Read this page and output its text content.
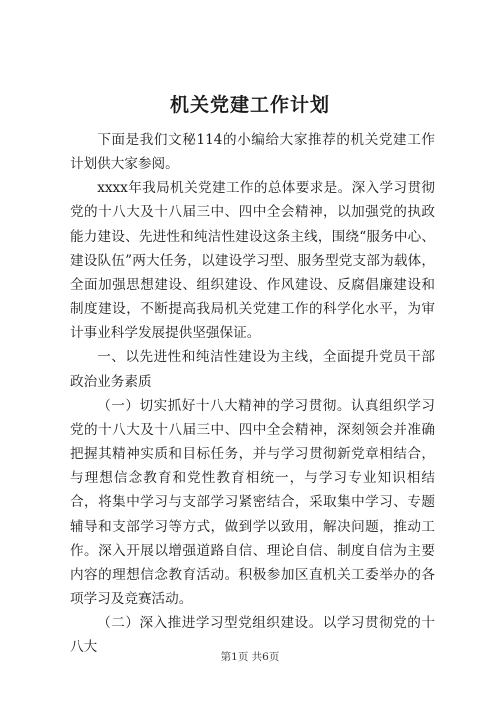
机关党建工作计划

下面是我们文秘114的小编给大家推荐的机关党建工作计划供大家参阅。

xxxx年我局机关党建工作的总体要求是。深入学习贯彻党的十八大及十八届三中、四中全会精神，以加强党的执政能力建设、先进性和纯洁性建设这条主线，围绕“服务中心、建设队伍”两大任务，以建设学习型、服务型党支部为载体，全面加强思想建设、组织建设、作风建设、反腐倡廉建设和制度建设，不断提高我局机关党建工作的科学化水平，为审计事业科学发展提供坚强保证。

一、以先进性和纯洁性建设为主线，全面提升党员干部政治业务素质

（一）切实抓好十八大精神的学习贯彻。认真组织学习党的十八大及十八届三中、四中全会精神，深刻领会并准确把握其精神实质和目标任务，并与学习贯彻新党章相结合，与理想信念教育和党性教育相统一，与学习专业知识相结合，将集中学习与支部学习紧密结合，采取集中学习、专题辅导和支部学习等方式，做到学以致用，解决问题，推动工作。深入开展以增强道路自信、理论自信、制度自信为主要内容的理想信念教育活动。积极参加区直机关工委举办的各项学习及竞赛活动。

（二）深入推进学习型党组织建设。以学习贯彻党的十八大

第1页 共6页
